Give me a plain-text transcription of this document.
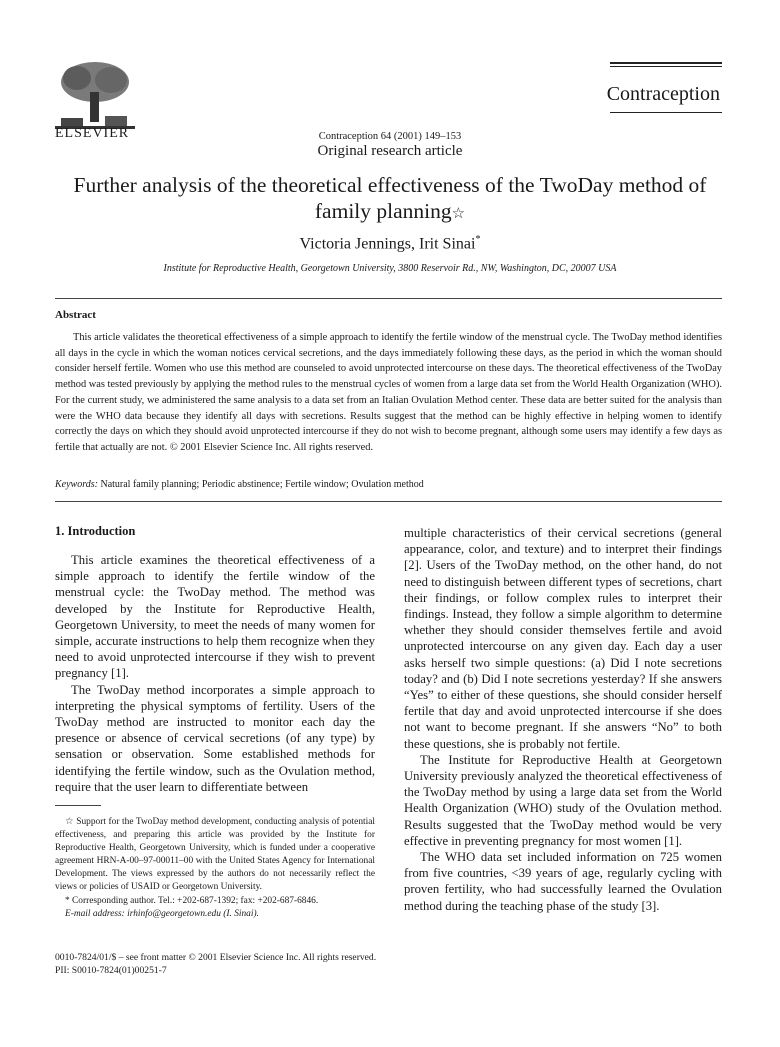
ELSEVIER
Contraception
Contraception 64 (2001) 149–153
Original research article
Further analysis of the theoretical effectiveness of the TwoDay method of family planning☆
Victoria Jennings, Irit Sinai*
Institute for Reproductive Health, Georgetown University, 3800 Reservoir Rd., NW, Washington, DC, 20007 USA
Abstract
This article validates the theoretical effectiveness of a simple approach to identify the fertile window of the menstrual cycle. The TwoDay method identifies all days in the cycle in which the woman notices cervical secretions, and the days immediately following these days, as the period in which the woman should consider herself fertile. Women who use this method are counseled to avoid unprotected intercourse on these days. The theoretical effectiveness of the TwoDay method was tested previously by applying the method rules to the menstrual cycles of women from a large data set from the World Health Organization (WHO). For the current study, we administered the same analysis to a data set from an Italian Ovulation Method center. These data are better suited for the analysis than were the WHO data because they identify all days with secretions. Results suggest that the method can be highly effective in helping women to identify correctly the days on which they should avoid unprotected intercourse if they do not wish to become pregnant, although some users may identify a few days as fertile that actually are not. © 2001 Elsevier Science Inc. All rights reserved.
Keywords: Natural family planning; Periodic abstinence; Fertile window; Ovulation method
1. Introduction

This article examines the theoretical effectiveness of a simple approach to identify the fertile window of the menstrual cycle: the TwoDay method. The method was developed by the Institute for Reproductive Health, Georgetown University, to meet the needs of many women for simple, accurate instructions to help them recognize when they need to avoid unprotected intercourse if they wish to prevent pregnancy [1].

The TwoDay method incorporates a simple approach to interpreting the physical symptoms of fertility. Users of the TwoDay method are instructed to monitor each day the presence or absence of cervical secretions (of any type) by sensation or observation. Some established methods for identifying the fertile window, such as the Ovulation method, require that the user learn to differentiate between

multiple characteristics of their cervical secretions (general appearance, color, and texture) and to interpret their findings [2]. Users of the TwoDay method, on the other hand, do not need to distinguish between different types of secretions, chart their findings, or follow complex rules to interpret their findings. Instead, they follow a simple algorithm to determine whether they should consider themselves fertile and avoid unprotected intercourse on any given day. Each day a user asks herself two simple questions: (a) Did I note secretions today? and (b) Did I note secretions yesterday? If she answers “Yes” to either of these questions, she should consider herself fertile that day and avoid unprotected intercourse if she does not want to become pregnant. If she answers “No” to both these questions, she is probably not fertile.

The Institute for Reproductive Health at Georgetown University previously analyzed the theoretical effectiveness of the TwoDay method by using a large data set from the World Health Organization (WHO) study of the Ovulation method. Results suggested that the TwoDay method would be very effective in preventing pregnancy for most women [1].

The WHO data set included information on 725 women from five countries, <39 years of age, regularly cycling with proven fertility, who had successfully learned the Ovulation method during the teaching phase of the study [3].

☆ Support for the TwoDay method development, conducting analysis of potential effectiveness, and preparing this article was provided by the Institute for Reproductive Health, Georgetown University, which is funded under a cooperative agreement HRN-A-00–97-00011–00 with the United States Agency for International Development. The views expressed by the authors do not necessarily reflect the views or policies of USAID or Georgetown University.

* Corresponding author. Tel.: +202-687-1392; fax: +202-687-6846.

E-mail address: irhinfo@georgetown.edu (I. Sinai).

0010-7824/01/$ – see front matter © 2001 Elsevier Science Inc. All rights reserved.
PII: S0010-7824(01)00251-7
